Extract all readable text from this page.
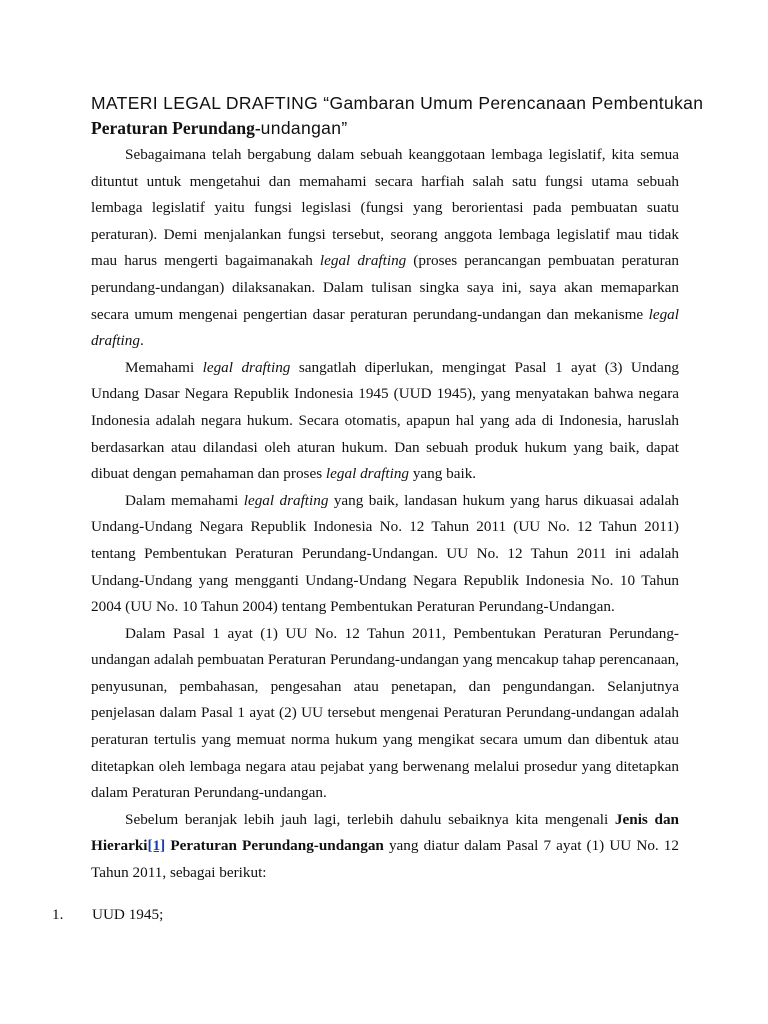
MATERI LEGAL DRAFTING “Gambaran Umum Perencanaan Pembentukan
Peraturan Perundang-undangan”

Sebagaimana telah bergabung dalam sebuah keanggotaan lembaga legislatif, kita semua dituntut untuk mengetahui dan memahami secara harfiah salah satu fungsi utama sebuah lembaga legislatif yaitu fungsi legislasi (fungsi yang berorientasi pada pembuatan suatu peraturan). Demi menjalankan fungsi tersebut, seorang anggota lembaga legislatif mau tidak mau harus mengerti bagaimanakah legal drafting (proses perancangan pembuatan peraturan perundang-undangan) dilaksanakan. Dalam tulisan singka saya ini, saya akan memaparkan secara umum mengenai pengertian dasar peraturan perundang-undangan dan mekanisme legal drafting.

Memahami legal drafting sangatlah diperlukan, mengingat Pasal 1 ayat (3) Undang Undang Dasar Negara Republik Indonesia 1945 (UUD 1945), yang menyatakan bahwa negara Indonesia adalah negara hukum. Secara otomatis, apapun hal yang ada di Indonesia, haruslah berdasarkan atau dilandasi oleh aturan hukum. Dan sebuah produk hukum yang baik, dapat dibuat dengan pemahaman dan proses legal drafting yang baik.

Dalam memahami legal drafting yang baik, landasan hukum yang harus dikuasai adalah Undang-Undang Negara Republik Indonesia No. 12 Tahun 2011 (UU No. 12 Tahun 2011) tentang Pembentukan Peraturan Perundang-Undangan. UU No. 12 Tahun 2011 ini adalah Undang-Undang yang mengganti Undang-Undang Negara Republik Indonesia No. 10 Tahun 2004 (UU No. 10 Tahun 2004) tentang Pembentukan Peraturan Perundang-Undangan.

Dalam Pasal 1 ayat (1) UU No. 12 Tahun 2011, Pembentukan Peraturan Perundang-undangan adalah pembuatan Peraturan Perundang-undangan yang mencakup tahap perencanaan, penyusunan, pembahasan, pengesahan atau penetapan, dan pengundangan. Selanjutnya penjelasan dalam Pasal 1 ayat (2) UU tersebut mengenai Peraturan Perundang-undangan adalah peraturan tertulis yang memuat norma hukum yang mengikat secara umum dan dibentuk atau ditetapkan oleh lembaga negara atau pejabat yang berwenang melalui prosedur yang ditetapkan dalam Peraturan Perundang-undangan.

Sebelum beranjak lebih jauh lagi, terlebih dahulu sebaiknya kita mengenali Jenis dan Hierarki[1] Peraturan Perundang-undangan yang diatur dalam Pasal 7 ayat (1) UU No. 12 Tahun 2011, sebagai berikut:

1.	UUD 1945;
